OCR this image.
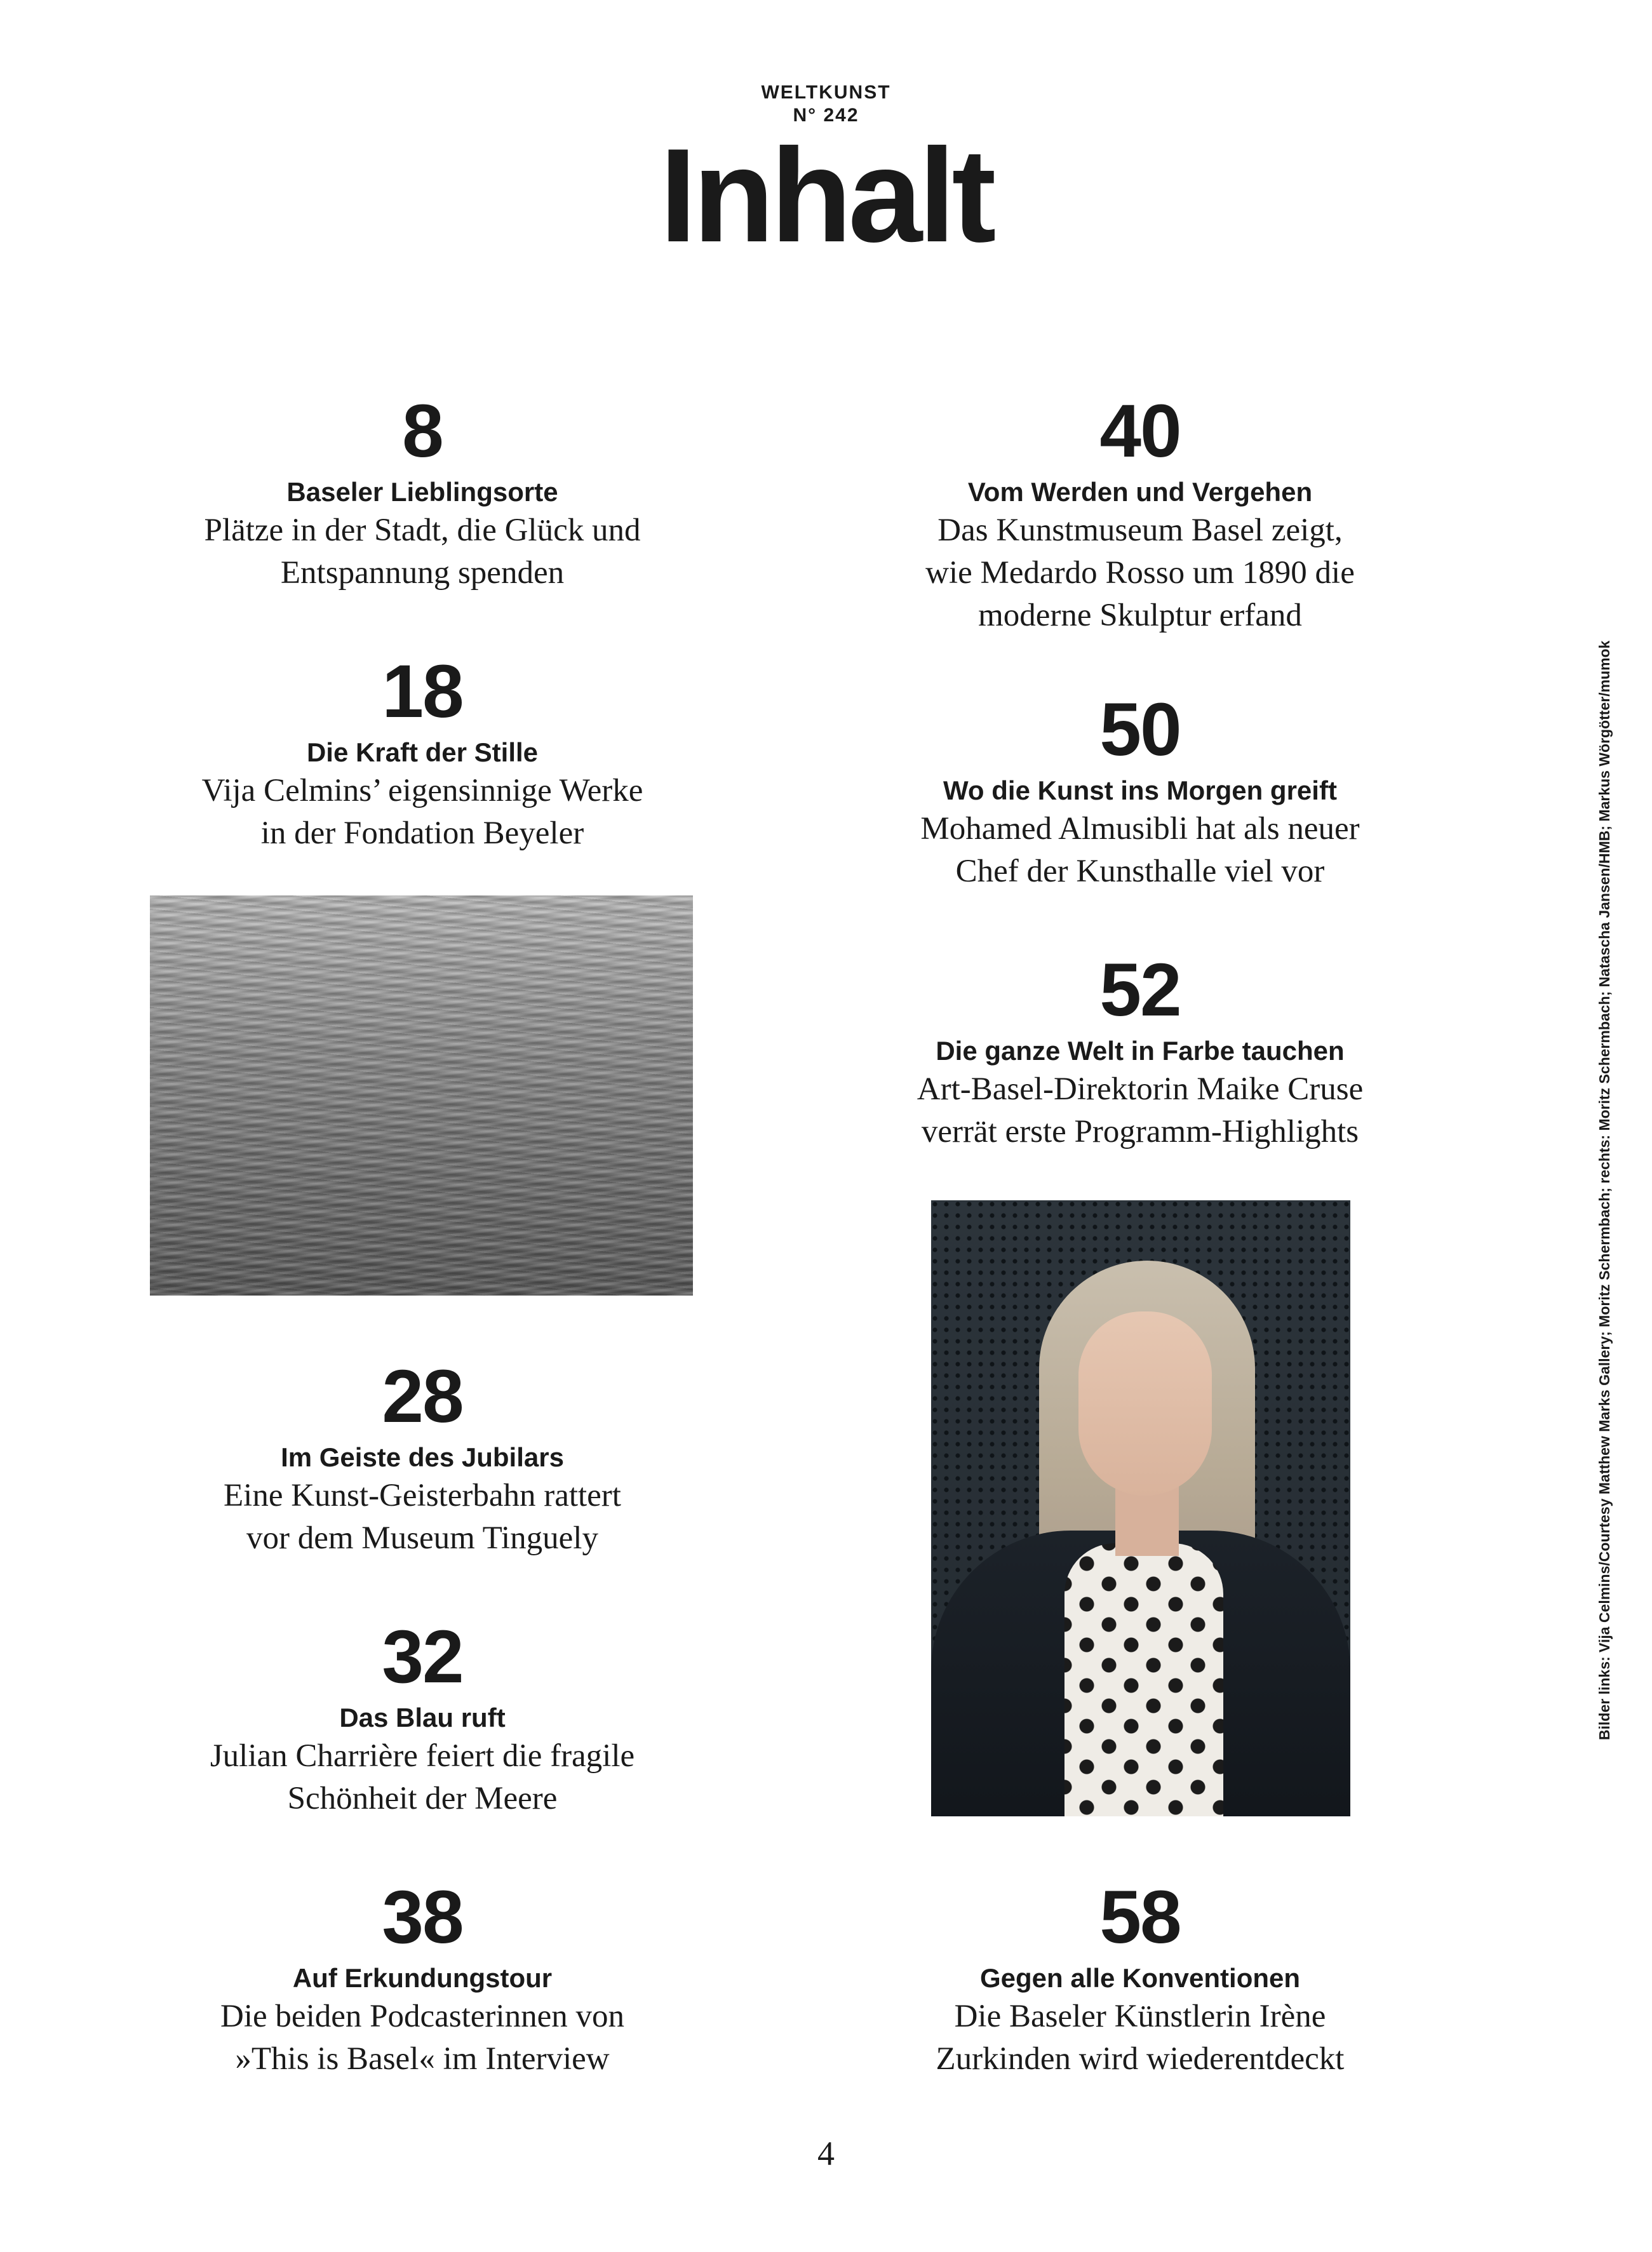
WELTKUNST
N° 242
Inhalt
8
Baseler Lieblingsorte
Plätze in der Stadt, die Glück und
Entspannung spenden
18
Die Kraft der Stille
Vija Celmins’ eigensinnige Werke
in der Fondation Beyeler
28
Im Geiste des Jubilars
Eine Kunst-Geisterbahn rattert
vor dem Museum Tinguely
32
Das Blau ruft
Julian Charrière feiert die fragile
Schönheit der Meere
38
Auf Erkundungstour
Die beiden Podcasterinnen von
»This is Basel« im Interview
40
Vom Werden und Vergehen
Das Kunstmuseum Basel zeigt,
wie Medardo Rosso um 1890 die
moderne Skulptur erfand
50
Wo die Kunst ins Morgen greift
Mohamed Almusibli hat als neuer
Chef der Kunsthalle viel vor
52
Die ganze Welt in Farbe tauchen
Art-Basel-Direktorin Maike Cruse
verrät erste Programm-Highlights
58
Gegen alle Konventionen
Die Baseler Künstlerin Irène
Zurkinden wird wiederentdeckt
Bilder links: Vija Celmins/Courtesy Matthew Marks Gallery; Moritz Schermbach; rechts: Moritz Schermbach; Natascha Jansen/HMB; Markus Wörgötter/mumok
4
